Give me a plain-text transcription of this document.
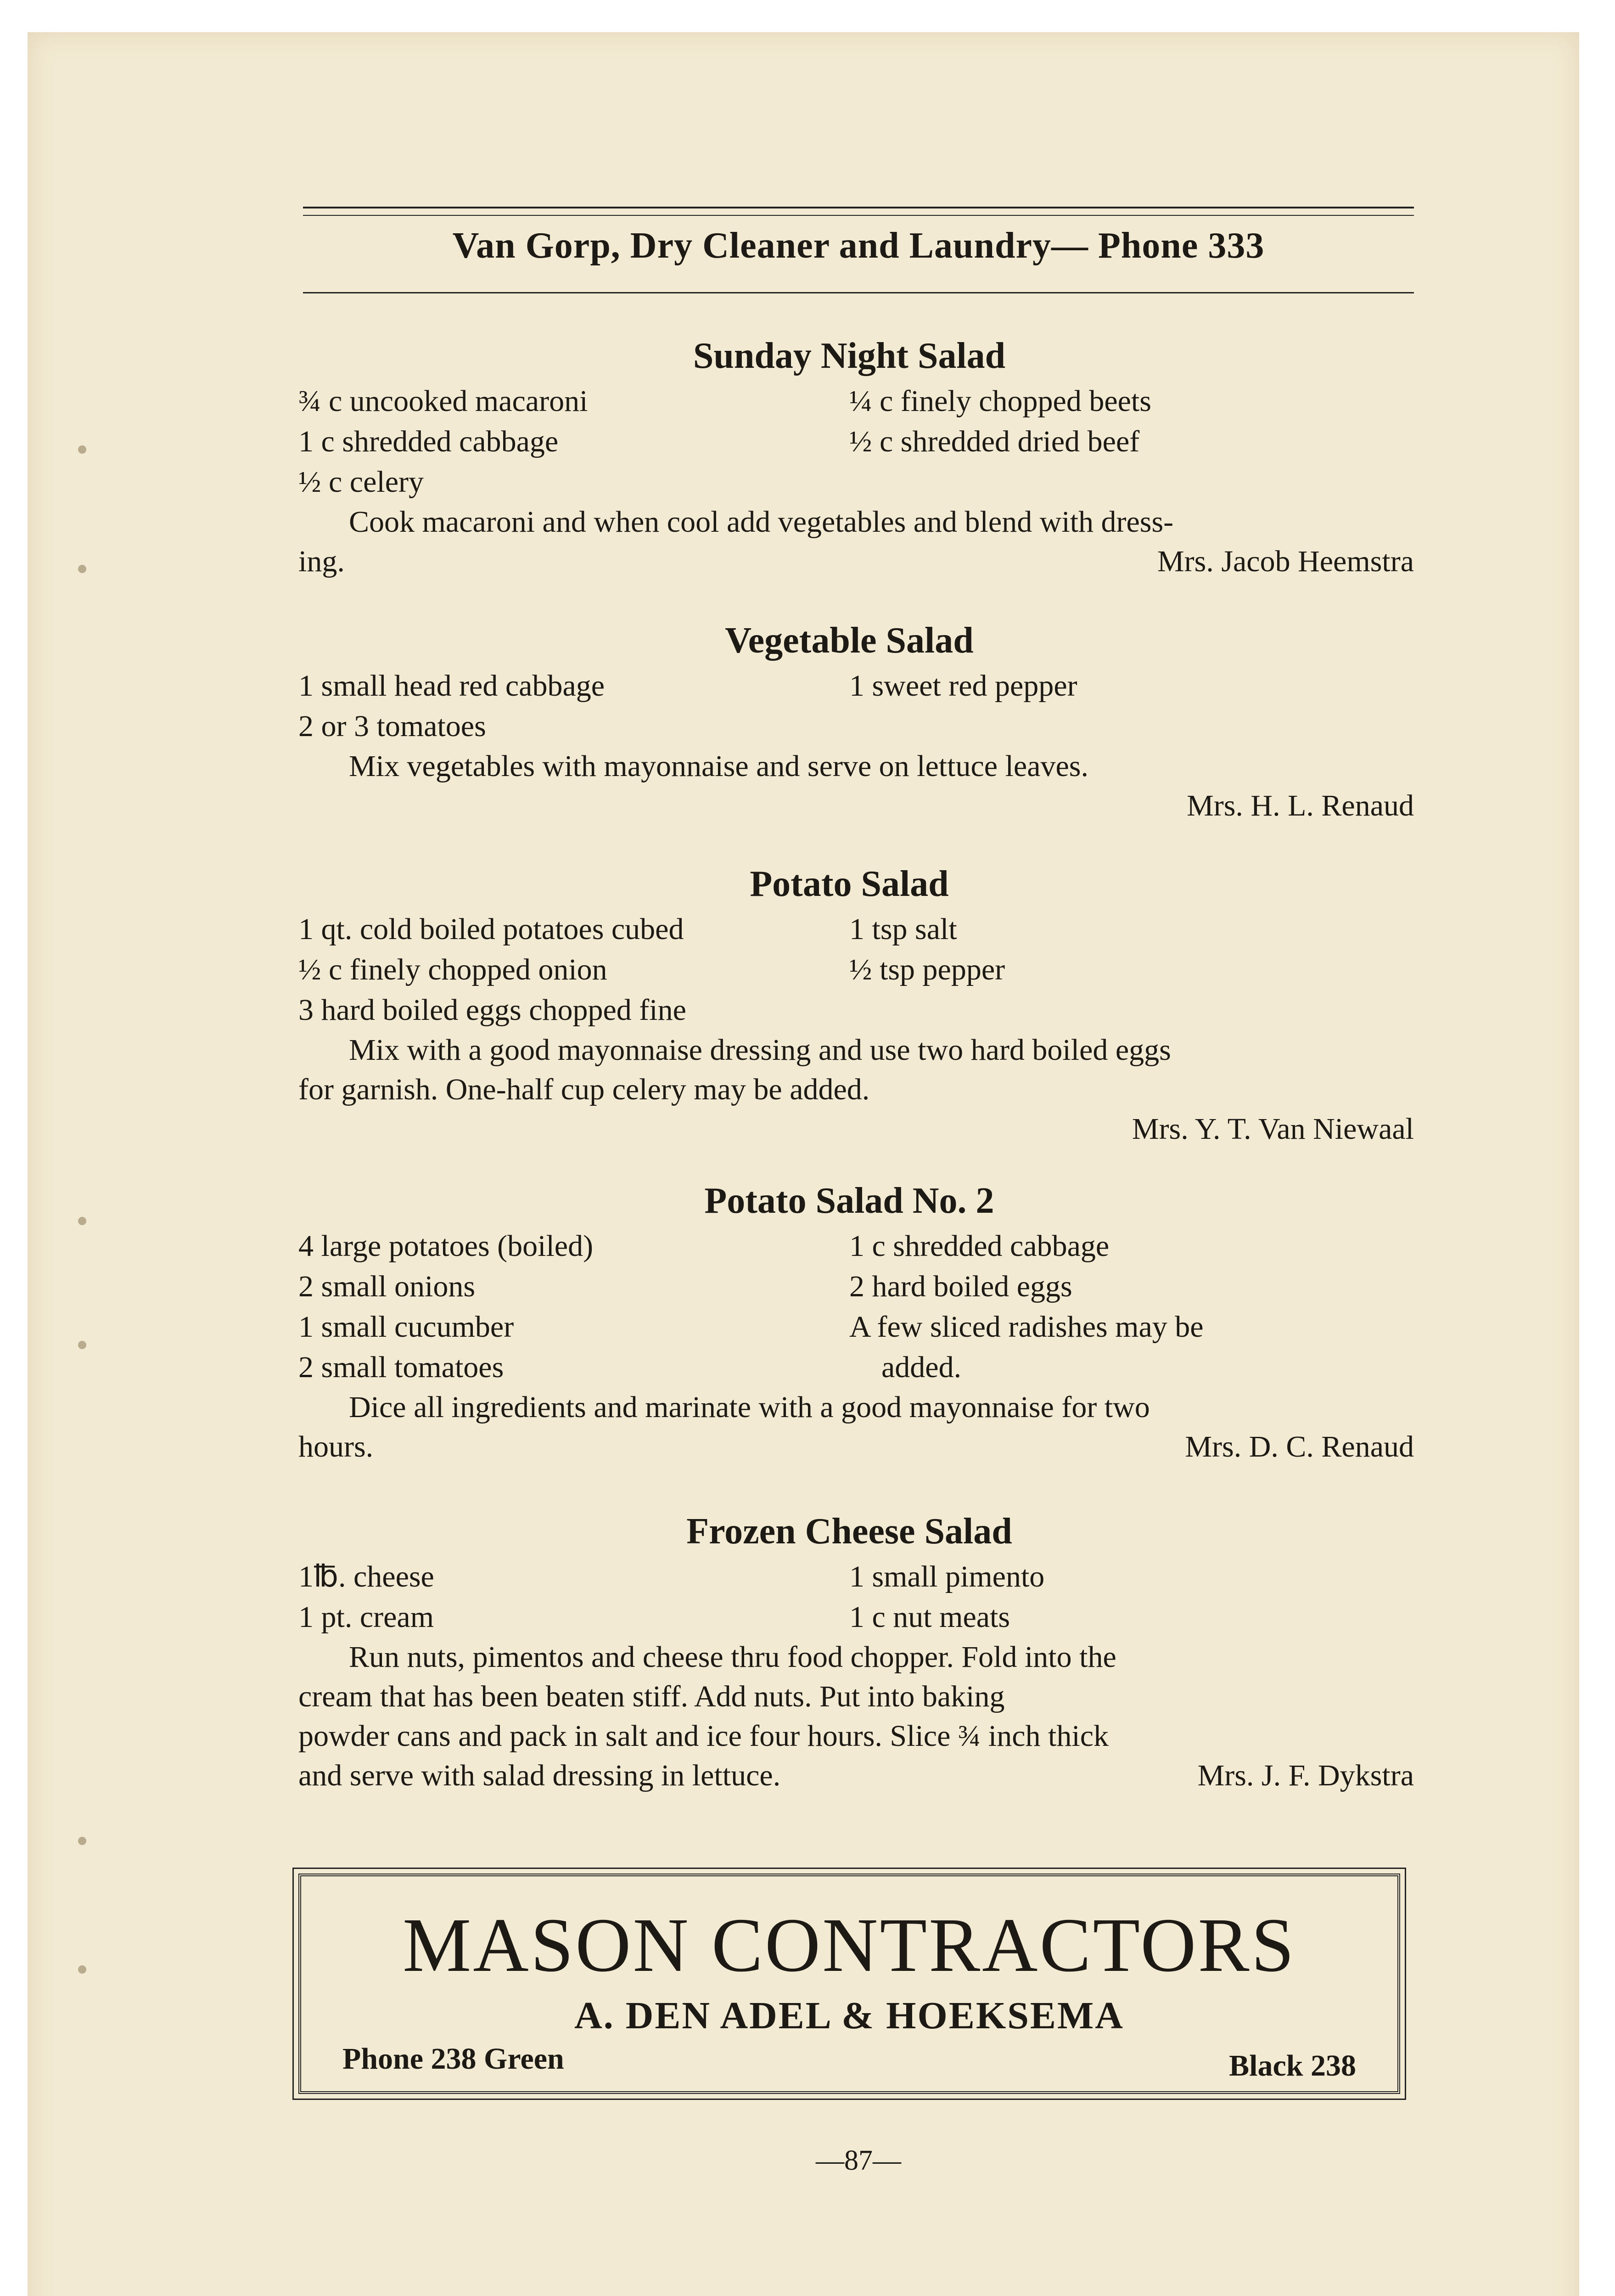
Van Gorp, Dry Cleaner and Laundry— Phone 333
Sunday Night Salad
¾ c uncooked macaroni	¼ c finely chopped beets
1 c shredded cabbage	½ c shredded dried beef
½ c celery

Cook macaroni and when cool add vegetables and blend with dress-

ing.	Mrs. Jacob Heemstra

Vegetable Salad
1 small head red cabbage	1 sweet red pepper
2 or 3 tomatoes

Mix vegetables with mayonnaise and serve on lettuce leaves.

Mrs. H. L. Renaud
Potato Salad
1 qt. cold boiled potatoes cubed	1 tsp salt
½ c finely chopped onion	½ tsp pepper
3 hard boiled eggs chopped fine

Mix with a good mayonnaise dressing and use two hard boiled eggs

for garnish. One-half cup celery may be added.

Mrs. Y. T. Van Niewaal
Potato Salad No. 2
4 large potatoes (boiled)	1 c shredded cabbage
2 small onions	2 hard boiled eggs
1 small cucumber	A few sliced radishes may be
2 small tomatoes	added.

Dice all ingredients and marinate with a good mayonnaise for two

hours.	Mrs. D. C. Renaud

Frozen Cheese Salad
1℔. cheese	1 small pimento
1 pt. cream	1 c nut meats

Run nuts, pimentos and cheese thru food chopper. Fold into the

cream that has been beaten stiff. Add nuts. Put into baking

powder cans and pack in salt and ice four hours. Slice ¾ inch thick

and serve with salad dressing in lettuce.	Mrs. J. F. Dykstra

MASON CONTRACTORS
A. DEN ADEL & HOEKSEMA
Phone 238 Green	Black 238
—87—
